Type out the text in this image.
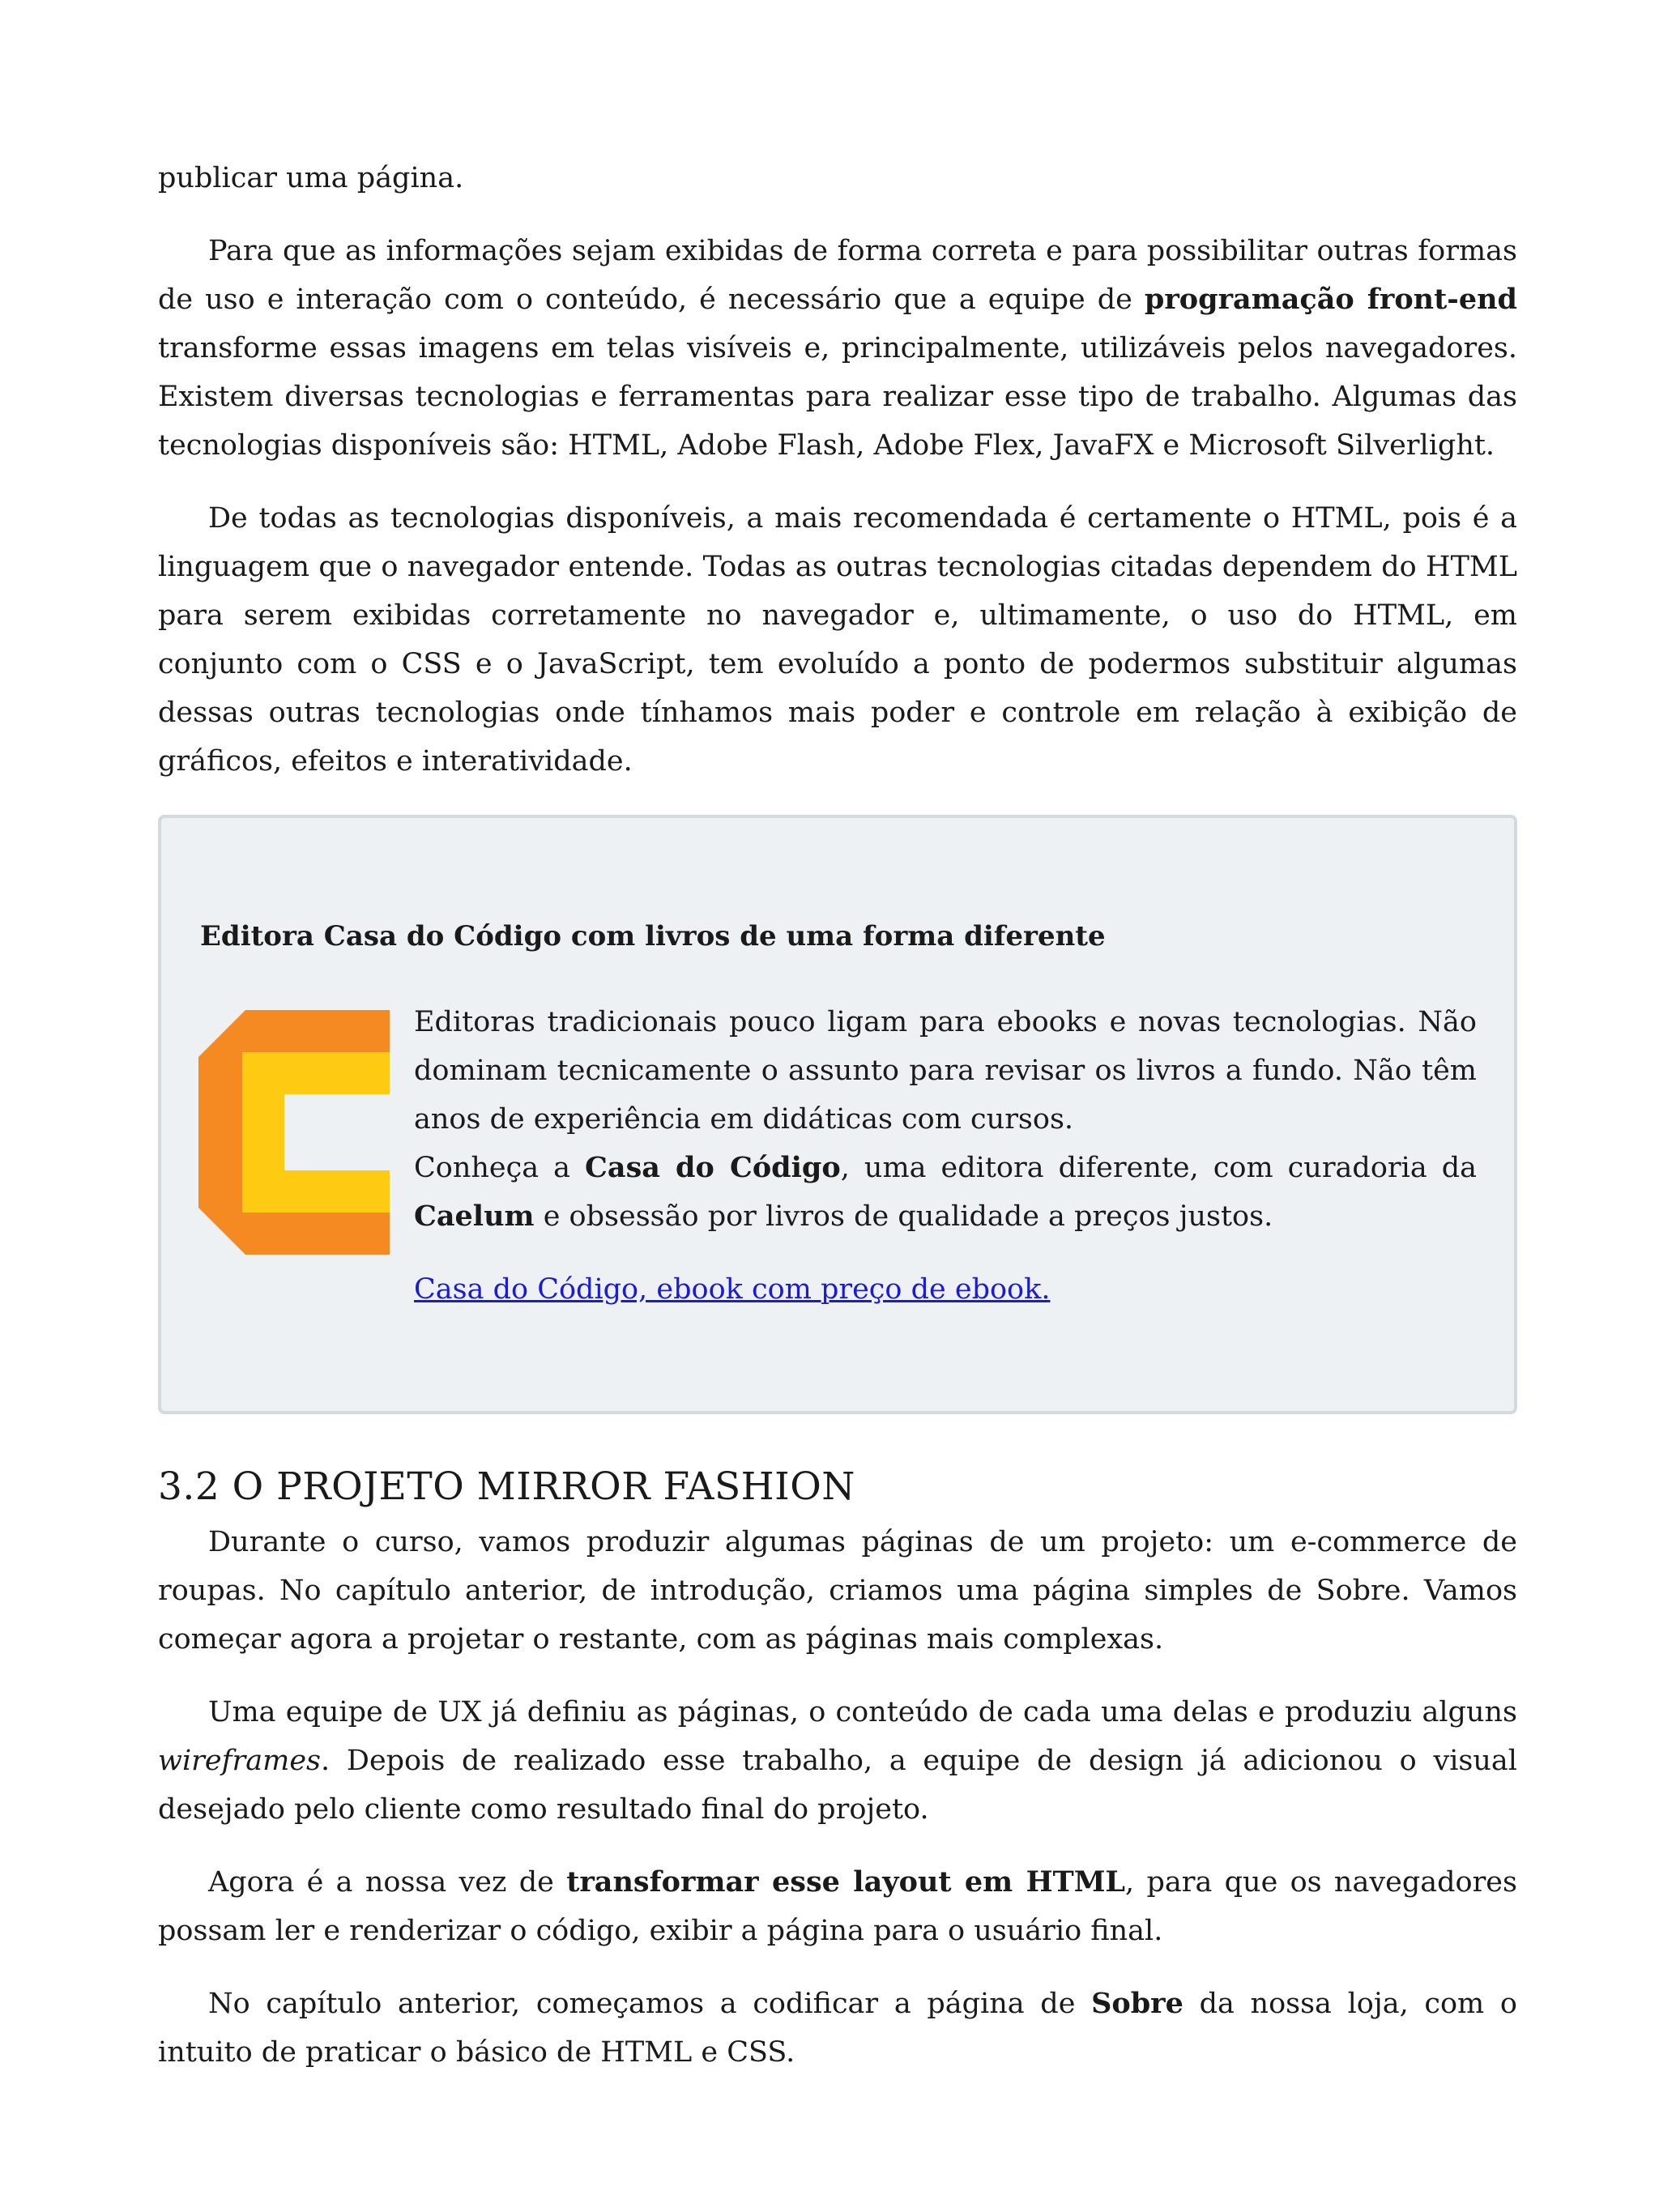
publicar uma página.

Para que as informações sejam exibidas de forma correta e para possibilitar outras formas de uso e interação com o conteúdo, é necessário que a equipe de programação front-end transforme essas imagens em telas visíveis e, principalmente, utilizáveis pelos navegadores. Existem diversas tecnologias e ferramentas para realizar esse tipo de trabalho. Algumas das tecnologias disponíveis são: HTML, Adobe Flash, Adobe Flex, JavaFX e Microsoft Silverlight.

De todas as tecnologias disponíveis, a mais recomendada é certamente o HTML, pois é a linguagem que o navegador entende. Todas as outras tecnologias citadas dependem do HTML para serem exibidas corretamente no navegador e, ultimamente, o uso do HTML, em conjunto com o CSS e o JavaScript, tem evoluído a ponto de podermos substituir algumas dessas outras tecnologias onde tínhamos mais poder e controle em relação à exibição de gráficos, efeitos e interatividade.

Editora Casa do Código com livros de uma forma diferente

Editoras tradicionais pouco ligam para ebooks e novas tecnologias. Não dominam tecnicamente o assunto para revisar os livros a fundo. Não têm anos de experiência em didáticas com cursos.
Conheça a Casa do Código, uma editora diferente, com curadoria da Caelum e obsessão por livros de qualidade a preços justos.

Casa do Código, ebook com preço de ebook.

3.2 O PROJETO MIRROR FASHION

Durante o curso, vamos produzir algumas páginas de um projeto: um e-commerce de roupas. No capítulo anterior, de introdução, criamos uma página simples de Sobre. Vamos começar agora a projetar o restante, com as páginas mais complexas.

Uma equipe de UX já definiu as páginas, o conteúdo de cada uma delas e produziu alguns wireframes. Depois de realizado esse trabalho, a equipe de design já adicionou o visual desejado pelo cliente como resultado final do projeto.

Agora é a nossa vez de transformar esse layout em HTML, para que os navegadores possam ler e renderizar o código, exibir a página para o usuário final.

No capítulo anterior, começamos a codificar a página de Sobre da nossa loja, com o intuito de praticar o básico de HTML e CSS.
